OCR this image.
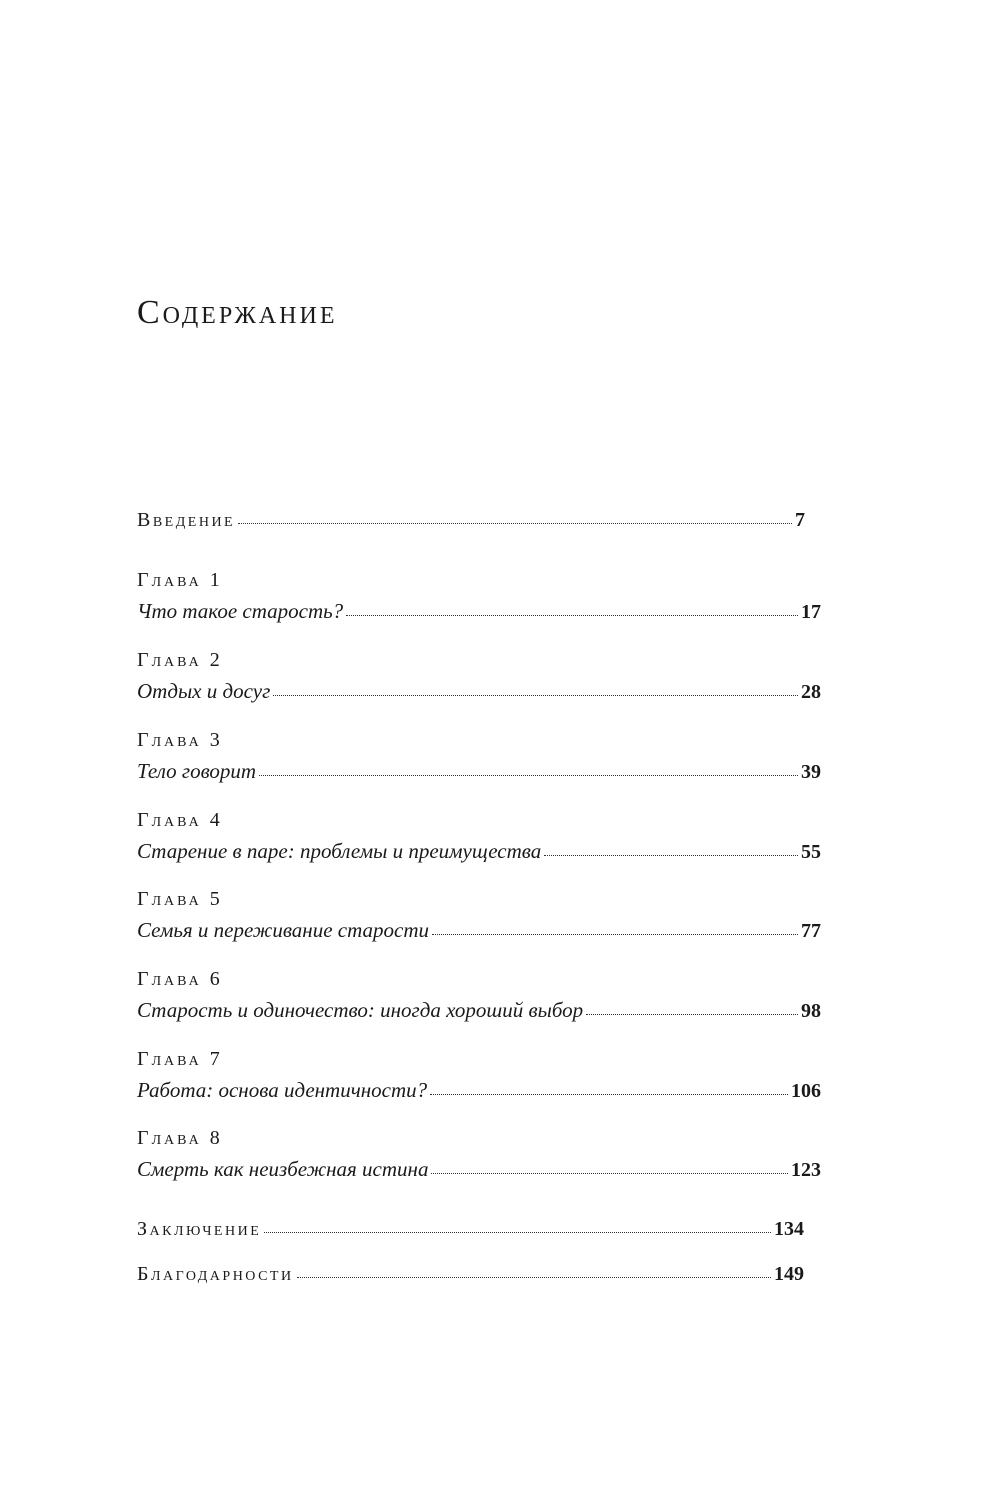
Содержание
Введение	7
Глава 1
Что такое старость?	17
Глава 2
Отдых и досуг	28
Глава 3
Тело говорит	39
Глава 4
Старение в паре: проблемы и преимущества	55
Глава 5
Семья и переживание старости	77
Глава 6
Старость и одиночество: иногда хороший выбор	98
Глава 7
Работа: основа идентичности?	106
Глава 8
Смерть как неизбежная истина	123
Заключение	134
Благодарности	149
